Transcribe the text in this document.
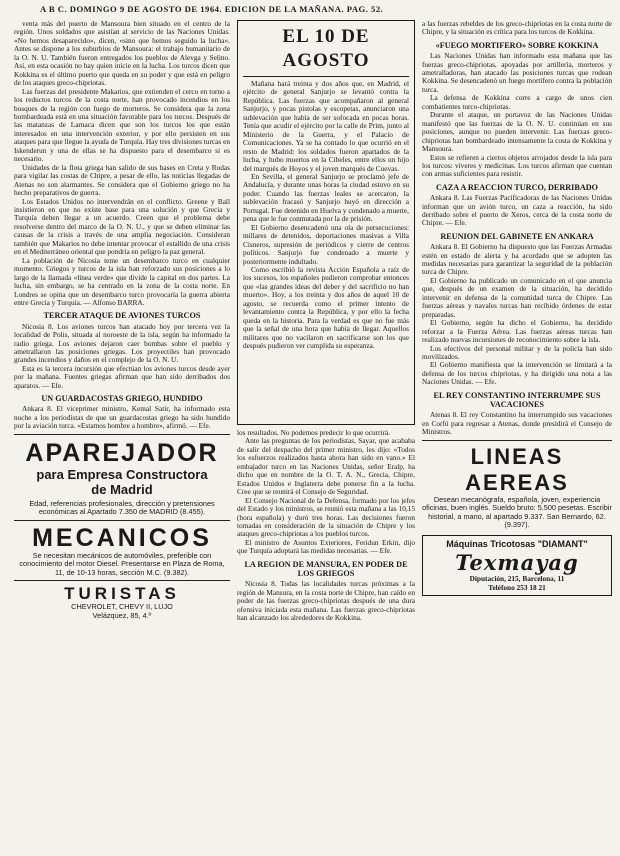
A B C. DOMINGO 9 DE AGOSTO DE 1964. EDICION DE LA MAÑANA. PAG. 52.

venta más del puerto de Mansoura bien situado en el centro de la región. Unos soldados que asistían al servicio de las Naciones Unidas. «No hemos desaparecido», dicen, «sino que hemos seguido la lucha». Antes se dispone a los suburbios de Mansoura: el trabajo humanitario de la O. N. U. También fueron entregados los pueblos de Alevga y Selino. Así, en esta ocasión no hay quien inicie en la lucha. Los turcos dicen que Kokkina es el último puerto que queda en su poder y que está en peligro de los ataques greco-chipriotas.

Las fuerzas del presidente Makarios, que extienden el cerco en torno a los reductos turcos de la costa norte, han provocado incendios en los bosques de la región con fuego de morteros. Se considera que la zona bombardeada está en una situación favorable para los turcos. Después de las matanzas de Larnaca dicen que son los turcos los que están interesados en una intervención exterior, y por ello persisten en sus ataques para que llegue la ayuda de Turquía. Hay tres divisiones turcas en Iskenderun y una de ellas se ha dispuesto para el desembarco si es necesario.

Unidades de la flota griega han salido de sus bases en Creta y Rodas para vigilar las costas de Chipre, a pesar de ello, las noticias llegadas de Atenas no son alarmantes. Se considera que el Gobierno griego no ha hecho preparativos de guerra.

Los Estados Unidos no intervendrán en el conflicto. Greene y Ball insistieron en que no existe base para una solución y que Grecia y Turquía deben llegar a un acuerdo. Creen que el problema debe resolverse dentro del marco de la O. N. U., y que se deben eliminar las causas de la crisis a través de una amplia negociación. Consideran también que Makarios no debe intentar provocar el estallido de una crisis en el Mediterráneo oriental que pondría en peligro la paz general.

La población de Nicosia teme un desembarco turco en cualquier momento. Griegos y turcos de la isla han reforzado sus posiciones a lo largo de la llamada «línea verde» que divide la capital en dos partes. La lucha, sin embargo, se ha centrado en la zona de la costa norte. En Londres se opina que un desembarco turco provocaría la guerra abierta entre Grecia y Turquía. — Alfonso BARRA.

TERCER ATAQUE DE AVIONES TURCOS

Nicosia 8. Los aviones turcos han atacado hoy por tercera vez la localidad de Polis, situada al noroeste de la isla, según ha informado la radio griega. Los aviones dejaron caer bombas sobre el pueblo y ametrallaron las posiciones griegas. Los proyectiles han provocado grandes incendios y daños en el complejo de la O. N. U.

Esta es la tercera incursión que efectúan los aviones turcos desde ayer por la mañana. Fuentes griegas afirman que han sido derribados dos aparatos. — Efe.

UN GUARDACOSTAS GRIEGO, HUNDIDO

Ankara 8. El viceprimer ministro, Kemal Satir, ha informado esta noche a los periodistas de que un guardacostas griego ha sido hundido por la aviación turca. «Estamos hombre a hombre», afirmó. — Efe.

APAREJADOR
para Empresa Constructora
de Madrid
Edad, referencias profesionales, dirección y pretensiones económicas al Apartado 7.350 de MADRID (8.455).
MECANICOS
Se necesitan mecánicos de automóviles, preferible con conocimiento del motor Diesel. Presentarse en Plaza de Roma, 11, de 10-13 horas, sección M.C. (9.382).
TURISTAS
CHEVROLET, CHEVY II, LUJO
Velázquez, 85, 4.º
EL 10 DE AGOSTO

Mañana hará treinta y dos años que, en Madrid, el ejército de general Sanjurjo se levantó contra la República. Las fuerzas que acompañaron al general Sanjurjo, y pocas pistolas y escopetas, anunciaron una sublevación que había de ser sofocada en pocas horas. Tenía que acudir el ejército por la calle de Prim, junto al Ministerio de la Guerra, y el Palacio de Comunicaciones. Ya se ha contado lo que ocurrió en el resto de Madrid: los soldados fueron apartados de la lucha, y hubo muertos en la Cibeles, entre ellos un hijo del marqués de Hoyos y el joven marqués de Cuevas.

En Sevilla, el general Sanjurjo se proclamó jefe de Andalucía, y durante unas horas la ciudad estuvo en su poder. Cuando las fuerzas leales se acercaron, la sublevación fracasó y Sanjurjo huyó en dirección a Portugal. Fue detenido en Huelva y condenado a muerte, pena que le fue conmutada por la de prisión.

El Gobierno desencadenó una ola de persecuciones: millares de detenidos, deportaciones masivas a Villa Cisneros, supresión de periódicos y cierre de centros políticos. Sanjurjo fue condenado a muerte y posteriormente indultado.

Como escribió la revista Acción Española a raíz de los sucesos, los españoles pudieron comprobar entonces que «las grandes ideas del deber y del sacrificio no han muerto». Hoy, a los treinta y dos años de aquel 10 de agosto, se recuerda como el primer intento de levantamiento contra la República, y por ello la fecha queda en la historia. Para la verdad es que no fue más que la señal de una hora que había de llegar. Aquellos militares que no vacilaron en sacrificarse son los que después pudieron ver cumplida su esperanza.

los resultados. No podemos predecir lo que ocurrirá.

Ante las preguntas de los periodistas, Sayar, que acababa de salir del despacho del primer ministro, les dijo: «Todos los esfuerzos realizados hasta ahora han sido en vano.» El embajador turco en las Naciones Unidas, señor Eralp, ha dicho que en nombre de la O. T. A. N., Grecia, Chipre, Estados Unidos e Inglaterra debe ponerse fin a la lucha. Cree que se reunirá el Consejo de Seguridad.

El Consejo Nacional de la Defensa, formado por los jefes del Estado y los ministros, se reunió esta mañana a las 10,15 (hora española) y duró tres horas. Las decisiones fueron tomadas en consideración de la situación de Chipre y los ataques greco-chipriotas a los pueblos turcos.

El ministro de Asuntos Exteriores, Feridun Erkin, dijo que Turquía adoptará las medidas necesarias. — Efe.

LA REGION DE MANSURA, EN PODER DE LOS GRIEGOS

Nicosia 8. Todas las localidades turcas próximas a la región de Mansura, en la costa norte de Chipre, han caído en poder de las fuerzas greco-chipriotas después de una dura ofensiva iniciada esta mañana. Las fuerzas greco-chipriotas han alcanzado los alrededores de Kokkina.

a las fuerzas rebeldes de los greco-chipriotas en la costa norte de Chipre, y la situación es crítica para los turcos de Kokkina.

«FUEGO MORTIFERO» SOBRE KOKKINA

Las Naciones Unidas han informado esta mañana que las fuerzas greco-chipriotas, apoyadas por artillería, morteros y ametralladoras, han atacado las posiciones turcas que rodean Kokkina. Se desencadenó un fuego mortífero contra la población turca.

La defensa de Kokkina corre a cargo de unos cien combatientes turco-chipriotas.

Durante el ataque, un portavoz de las Naciones Unidas manifestó que las fuerzas de la O. N. U. continúan en sus posiciones, aunque no pueden intervenir. Las fuerzas greco-chipriotas han bombardeado intensamente la costa de Kokkina y Mansoura.

Estos se refieren a ciertos objetos arrojados desde la isla para los turcos: víveres y medicinas. Los turcos afirman que cuentan con armas suficientes para resistir.

CAZA A REACCION TURCO, DERRIBADO

Ankara 8. Las Fuerzas Pacificadoras de las Naciones Unidas informan que un avión turco, un caza a reacción, ha sido derribado sobre el puerto de Xeros, cerca de la costa norte de Chipre. — Efe.

REUNION DEL GABINETE EN ANKARA

Ankara 8. El Gobierno ha dispuesto que las Fuerzas Armadas estén en estado de alerta y ha acordado que se adopten las medidas necesarias para garantizar la seguridad de la población turca de Chipre.

El Gobierno ha publicado un comunicado en el que anuncia que, después de un examen de la situación, ha decidido intervenir en defensa de la comunidad turca de Chipre. Las fuerzas aéreas y navales turcas han recibido órdenes de estar preparadas.

El Gobierno, según ha dicho el Gobierno, ha decidido reforzar a la Fuerza Aérea. Las fuerzas aéreas turcas han realizado nuevas incursiones de reconocimiento sobre la isla.

Los efectivos del personal militar y de la policía han sido movilizados.

El Gobierno manifiesta que la intervención se limitará a la defensa de los turcos chipriotas, y ha dirigido una nota a las Naciones Unidas. — Efe.

EL REY CONSTANTINO INTERRUMPE SUS VACACIONES

Atenas 8. El rey Constantino ha interrumpido sus vacaciones en Corfú para regresar a Atenas, donde presidirá el Consejo de Ministros.

LINEAS AEREAS
Desean mecanógrafa, española, joven, experiencia oficinas, buen inglés. Sueldo bruto: 5.500 pesetas. Escribir historial, a mano, al apartado 9.337. San Bernardo, 62. (9.397).
Máquinas Tricotosas "DIAMANT"
Texmayag
Diputación, 215, Barcelona, 11
Teléfono 253 18 21
